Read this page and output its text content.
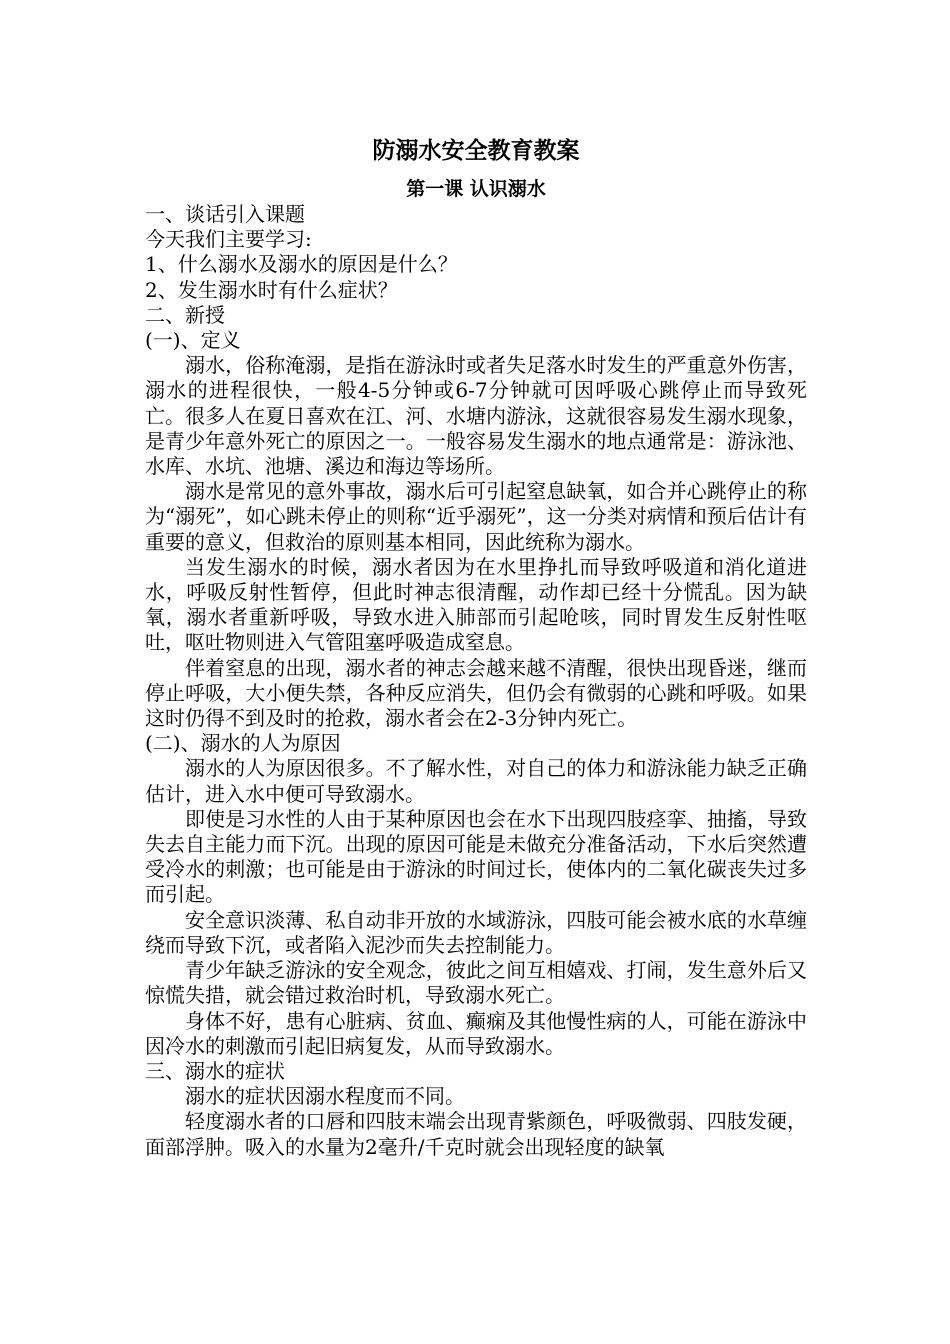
防溺水安全教育教案
第一课 认识溺水

一、谈话引入课题

今天我们主要学习:

1、什么溺水及溺水的原因是什么？

2、发生溺水时有什么症状？

二、新授

(一)、定义

溺水，俗称淹溺，是指在游泳时或者失足落水时发生的严重意外伤害，溺水的进程很快，一般4-5分钟或6-7分钟就可因呼吸心跳停止而导致死亡。很多人在夏日喜欢在江、河、水塘内游泳，这就很容易发生溺水现象，是青少年意外死亡的原因之一。一般容易发生溺水的地点通常是：游泳池、水库、水坑、池塘、溪边和海边等场所。

溺水是常见的意外事故，溺水后可引起窒息缺氧，如合并心跳停止的称为“溺死”，如心跳未停止的则称“近乎溺死”，这一分类对病情和预后估计有重要的意义，但救治的原则基本相同，因此统称为溺水。

当发生溺水的时候，溺水者因为在水里挣扎而导致呼吸道和消化道进水，呼吸反射性暂停，但此时神志很清醒，动作却已经十分慌乱。因为缺氧，溺水者重新呼吸，导致水进入肺部而引起呛咳，同时胃发生反射性呕吐，呕吐物则进入气管阻塞呼吸造成窒息。

伴着窒息的出现，溺水者的神志会越来越不清醒，很快出现昏迷，继而停止呼吸，大小便失禁，各种反应消失，但仍会有微弱的心跳和呼吸。如果这时仍得不到及时的抢救，溺水者会在2-3分钟内死亡。

(二)、溺水的人为原因

溺水的人为原因很多。不了解水性，对自己的体力和游泳能力缺乏正确估计，进入水中便可导致溺水。

即使是习水性的人由于某种原因也会在水下出现四肢痉挛、抽搐，导致失去自主能力而下沉。出现的原因可能是未做充分准备活动，下水后突然遭受冷水的刺激；也可能是由于游泳的时间过长，使体内的二氧化碳丧失过多而引起。

安全意识淡薄、私自动非开放的水域游泳，四肢可能会被水底的水草缠绕而导致下沉，或者陷入泥沙而失去控制能力。

青少年缺乏游泳的安全观念，彼此之间互相嬉戏、打闹，发生意外后又惊慌失措，就会错过救治时机，导致溺水死亡。

身体不好，患有心脏病、贫血、癫痫及其他慢性病的人，可能在游泳中因冷水的刺激而引起旧病复发，从而导致溺水。

三、溺水的症状

溺水的症状因溺水程度而不同。

轻度溺水者的口唇和四肢末端会出现青紫颜色，呼吸微弱、四肢发硬，面部浮肿。吸入的水量为2毫升/千克时就会出现轻度的缺氧
